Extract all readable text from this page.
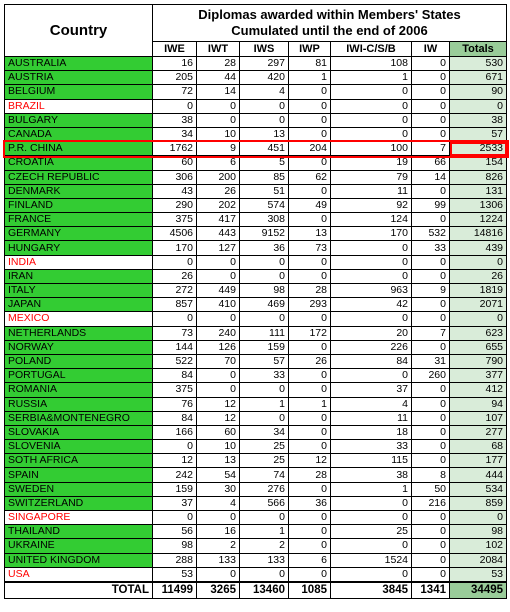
Country	Diplomas awarded within Members' States
Cumulated until the end of 2006						
	IWE	IWT	IWS	IWP	IWI-C/S/B	IW	Totals
AUSTRALIA	16	28	297	81	108	0	530
AUSTRIA	205	44	420	1	1	0	671
BELGIUM	72	14	4	0	0	0	90
BRAZIL	0	0	0	0	0	0	0
BULGARY	38	0	0	0	0	0	38
CANADA	34	10	13	0	0	0	57
P.R. CHINA	1762	9	451	204	100	7	2533
CROATIA	60	6	5	0	19	66	154
CZECH REPUBLIC	306	200	85	62	79	14	826
DENMARK	43	26	51	0	11	0	131
FINLAND	290	202	574	49	92	99	1306
FRANCE	375	417	308	0	124	0	1224
GERMANY	4506	443	9152	13	170	532	14816
HUNGARY	170	127	36	73	0	33	439
INDIA	0	0	0	0	0	0	0
IRAN	26	0	0	0	0	0	26
ITALY	272	449	98	28	963	9	1819
JAPAN	857	410	469	293	42	0	2071
MEXICO	0	0	0	0	0	0	0
NETHERLANDS	73	240	111	172	20	7	623
NORWAY	144	126	159	0	226	0	655
POLAND	522	70	57	26	84	31	790
PORTUGAL	84	0	33	0	0	260	377
ROMANIA	375	0	0	0	37	0	412
RUSSIA	76	12	1	1	4	0	94
SERBIA&MONTENEGRO	84	12	0	0	11	0	107
SLOVAKIA	166	60	34	0	18	0	277
SLOVENIA	0	10	25	0	33	0	68
SOTH AFRICA	12	13	25	12	115	0	177
SPAIN	242	54	74	28	38	8	444
SWEDEN	159	30	276	0	1	50	534
SWITZERLAND	37	4	566	36	0	216	859
SINGAPORE	0	0	0	0	0	0	0
THAILAND	56	16	1	0	25	0	98
UKRAINE	98	2	2	0	0	0	102
UNITED KINGDOM	288	133	133	6	1524	0	2084
USA	53	0	0	0	0	0	53
TOTAL	11499	3265	13460	1085	3845	1341	34495
